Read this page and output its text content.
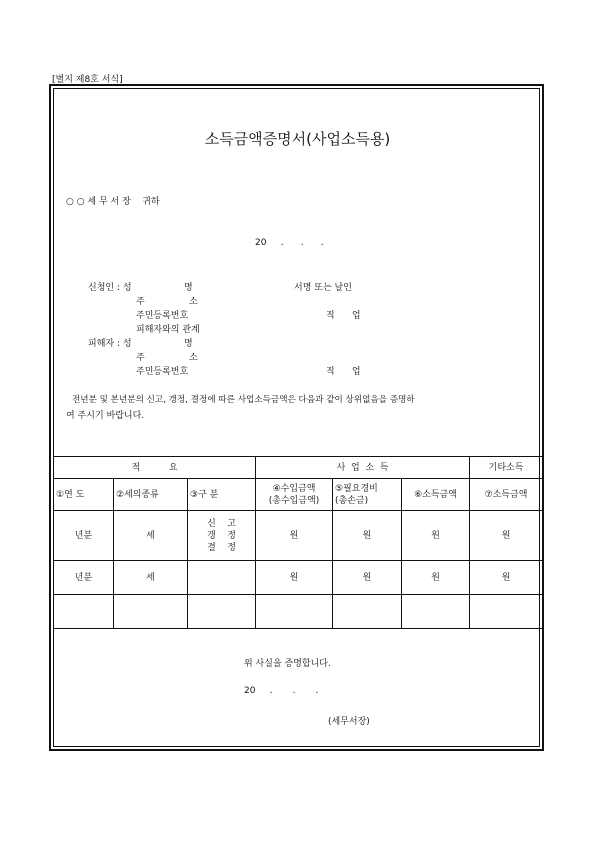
[별지 제8호 서식]
소득금액증명서(사업소득용)
○ ○ 세 무 서 장    귀하
20     .      .      .
신청인 : 성	명	서명 또는 날인
주	소
주민등록번호	직      업
피해자와의 관계
피해자 : 성	명
주	소
주민등록번호	직      업
전년분 및 본년분의 신고, 갱정, 결정에 따른 사업소득금액은 다음과 같이 상위없음을 증명하
여 주시기 바랍니다.
적          요			사  업  소  득			기타소득
①연 도	②세의종류	③구 분	④수입금액
(총수입금액)	⑤필요경비
(총손금)	⑥소득금액	⑦소득금액
년분	세	신    고
갱    정
결    정	원	원	원	원
년분	세		원	원	원	원

위 사실을 증명합니다.
20     .       .       .
(세무서장)
